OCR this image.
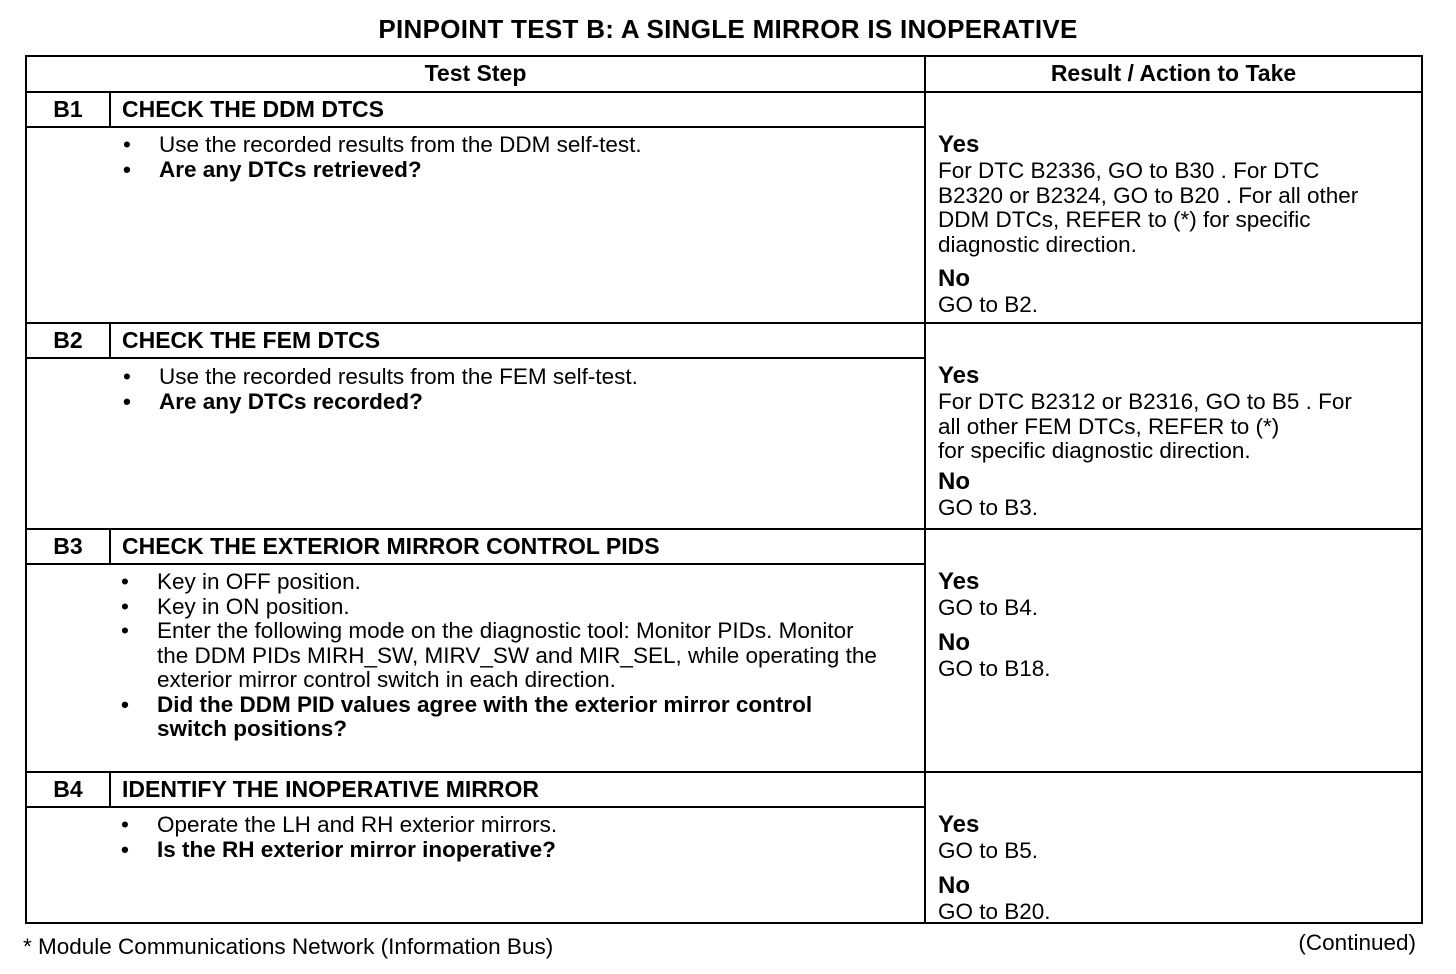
PINPOINT TEST B: A SINGLE MIRROR IS INOPERATIVE
Test Step	Result / Action to Take
B1	CHECK THE DDM DTCS
• Use the recorded results from the DDM self-test.
• Are any DTCs retrieved?
Yes
For DTC B2336, GO to B30 . For DTC
B2320 or B2324, GO to B20 . For all other
DDM DTCs, REFER to (*) for specific
diagnostic direction.
No
GO to B2.
B2	CHECK THE FEM DTCS
• Use the recorded results from the FEM self-test.
• Are any DTCs recorded?
Yes
For DTC B2312 or B2316, GO to B5 . For
all other FEM DTCs, REFER to (*)
for specific diagnostic direction.
No
GO to B3.
B3	CHECK THE EXTERIOR MIRROR CONTROL PIDS
• Key in OFF position.
• Key in ON position.
• Enter the following mode on the diagnostic tool: Monitor PIDs. Monitor the DDM PIDs MIRH_SW, MIRV_SW and MIR_SEL, while operating the exterior mirror control switch in each direction.
• Did the DDM PID values agree with the exterior mirror control switch positions?
Yes
GO to B4.
No
GO to B18.
B4	IDENTIFY THE INOPERATIVE MIRROR
• Operate the LH and RH exterior mirrors.
• Is the RH exterior mirror inoperative?
Yes
GO to B5.
No
GO to B20.
* Module Communications Network (Information Bus)	(Continued)
